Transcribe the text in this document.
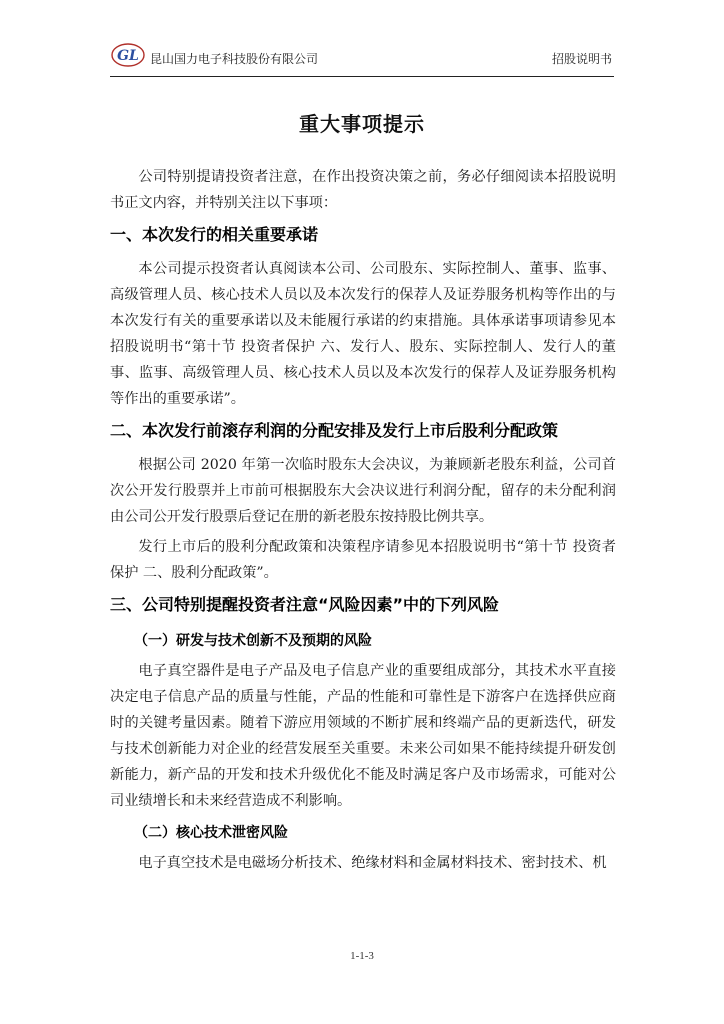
GL 昆山国力电子科技股份有限公司	招股说明书
重大事项提示

公司特别提请投资者注意，在作出投资决策之前，务必仔细阅读本招股说明书正文内容，并特别关注以下事项：

一、本次发行的相关重要承诺

本公司提示投资者认真阅读本公司、公司股东、实际控制人、董事、监事、高级管理人员、核心技术人员以及本次发行的保荐人及证券服务机构等作出的与本次发行有关的重要承诺以及未能履行承诺的约束措施。具体承诺事项请参见本招股说明书“第十节 投资者保护 六、发行人、股东、实际控制人、发行人的董事、监事、高级管理人员、核心技术人员以及本次发行的保荐人及证券服务机构等作出的重要承诺”。

二、本次发行前滚存利润的分配安排及发行上市后股利分配政策

根据公司 2020 年第一次临时股东大会决议，为兼顾新老股东利益，公司首次公开发行股票并上市前可根据股东大会决议进行利润分配，留存的未分配利润由公司公开发行股票后登记在册的新老股东按持股比例共享。

发行上市后的股利分配政策和决策程序请参见本招股说明书“第十节 投资者保护 二、股利分配政策”。

三、公司特别提醒投资者注意“风险因素”中的下列风险
（一）研发与技术创新不及预期的风险

电子真空器件是电子产品及电子信息产业的重要组成部分，其技术水平直接决定电子信息产品的质量与性能，产品的性能和可靠性是下游客户在选择供应商时的关键考量因素。随着下游应用领域的不断扩展和终端产品的更新迭代，研发与技术创新能力对企业的经营发展至关重要。未来公司如果不能持续提升研发创新能力，新产品的开发和技术升级优化不能及时满足客户及市场需求，可能对公司业绩增长和未来经营造成不利影响。

（二）核心技术泄密风险

电子真空技术是电磁场分析技术、绝缘材料和金属材料技术、密封技术、机

1-1-3
